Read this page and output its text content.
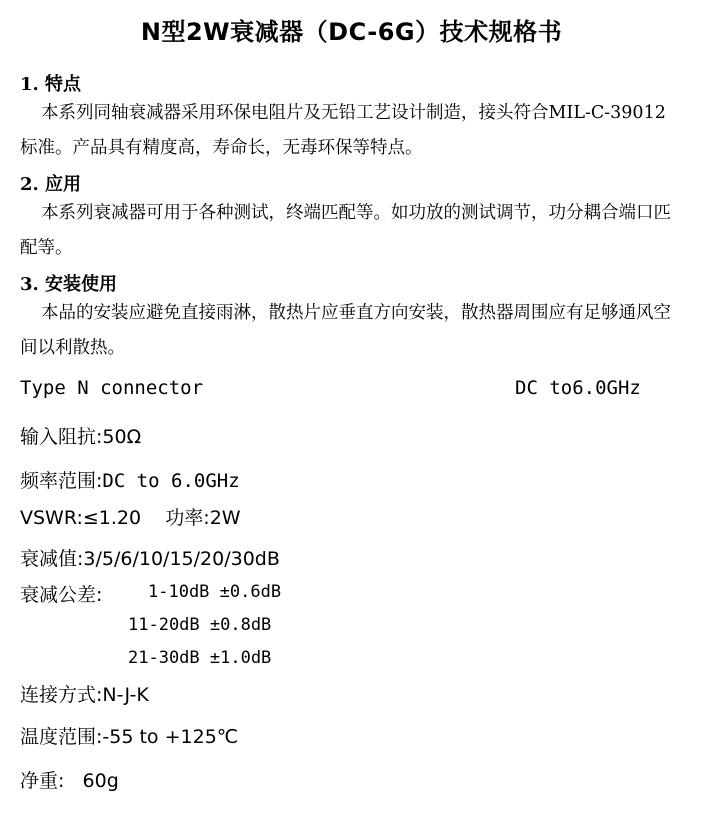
N型2W衰减器（DC-6G）技术规格书
1. 特点

本系列同轴衰减器采用环保电阻片及无铅工艺设计制造，接头符合MIL-C-39012 标准。产品具有精度高，寿命长，无毒环保等特点。

2. 应用

本系列衰减器可用于各种测试，终端匹配等。如功放的测试调节，功分耦合端口匹配等。

3. 安装使用

本品的安装应避免直接雨淋，散热片应垂直方向安装，散热器周围应有足够通风空间以利散热。

Type N connector	DC to6.0GHz
输入阻抗:50Ω
频率范围:DC to 6.0GHz
VSWR:≤1.20 功率:2W
衰减值:3/5/6/10/15/20/30dB
衰减公差:	1-10dB ±0.6dB
11-20dB ±0.8dB
21-30dB ±1.0dB
连接方式:N-J-K
温度范围:-55 to +125℃
净重: 60g
